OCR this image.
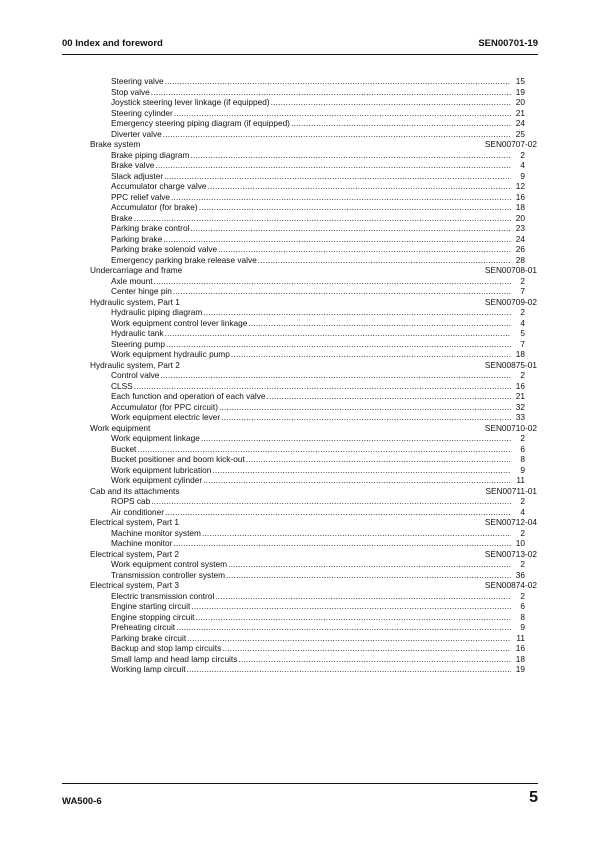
00 Index and foreword	SEN00701-19
Steering valve .....	15
Stop valve .....	19
Joystick steering lever linkage (if equipped) .....	20
Steering cylinder .....	21
Emergency steering piping diagram (if equipped) .....	24
Diverter valve .....	25
Brake system	SEN00707-02
Brake piping diagram .....	2
Brake valve .....	4
Slack adjuster .....	9
Accumulator charge valve .....	12
PPC relief valve .....	16
Accumulator (for brake) .....	18
Brake .....	20
Parking brake control .....	23
Parking brake .....	24
Parking brake solenoid valve .....	26
Emergency parking brake release valve .....	28
Undercarriage and frame	SEN00708-01
Axle mount .....	2
Center hinge pin .....	7
Hydraulic system, Part 1	SEN00709-02
Hydraulic piping diagram .....	2
Work equipment control lever linkage .....	4
Hydraulic tank .....	5
Steering pump .....	7
Work equipment hydraulic pump .....	18
Hydraulic system, Part 2	SEN00875-01
Control valve .....	2
CLSS .....	16
Each function and operation of each valve .....	21
Accumulator (for PPC circuit) .....	32
Work equipment electric lever .....	33
Work equipment	SEN00710-02
Work equipment linkage .....	2
Bucket .....	6
Bucket positioner and boom kick-out .....	8
Work equipment lubrication .....	9
Work equipment cylinder .....	11
Cab and its attachments	SEN00711-01
ROPS cab .....	2
Air conditioner .....	4
Electrical system, Part 1	SEN00712-04
Machine monitor system .....	2
Machine monitor .....	10
Electrical system, Part 2	SEN00713-02
Work equipment control system .....	2
Transmission controller system .....	36
Electrical system, Part 3	SEN00874-02
Electric transmission control .....	2
Engine starting circuit .....	6
Engine stopping circuit .....	8
Preheating circuit .....	9
Parking brake circuit .....	11
Backup and stop lamp circuits .....	16
Small lamp and head lamp circuits .....	18
Working lamp circuit .....	19
WA500-6	5
